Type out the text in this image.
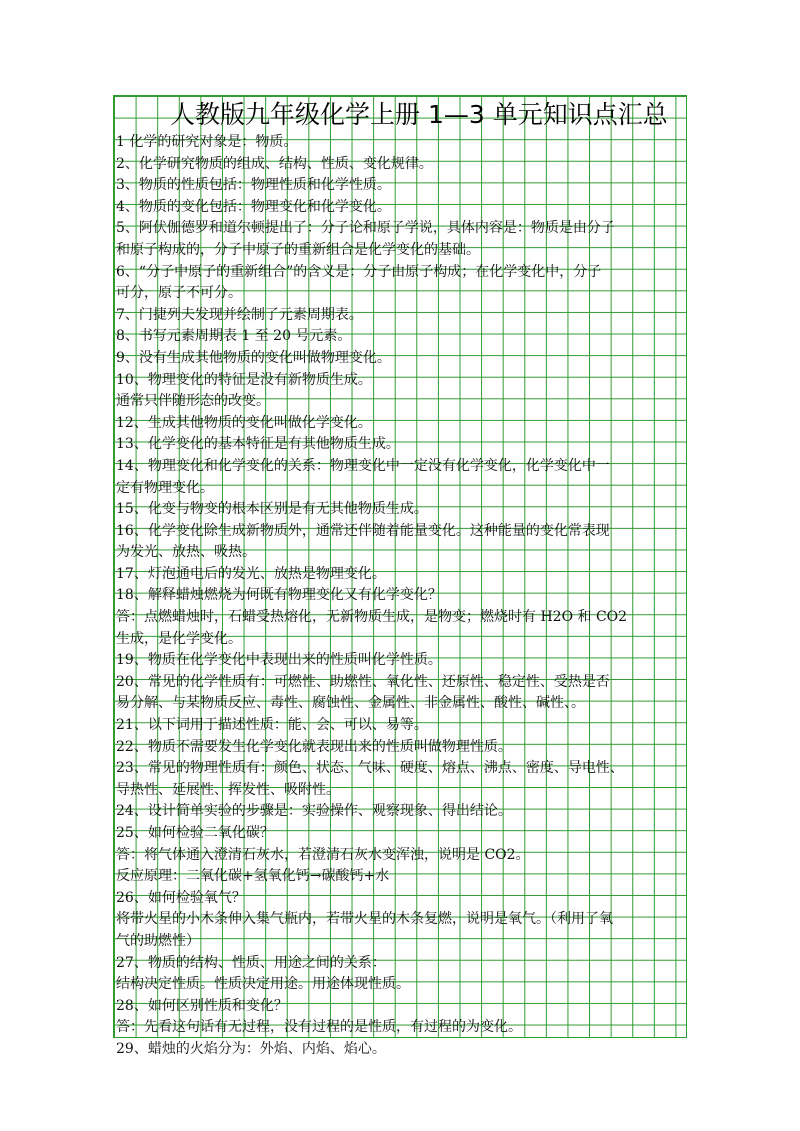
人教版九年级化学上册 1—3 单元知识点汇总
1 化学的研究对象是：物质。
2、化学研究物质的组成、结构、性质、变化规律。
3、物质的性质包括：物理性质和化学性质。
4、物质的变化包括：物理变化和化学变化。
5、阿伏伽德罗和道尔顿提出了：分子论和原子学说，具体内容是：物质是由分子
和原子构成的，分子中原子的重新组合是化学变化的基础。
6、“分子中原子的重新组合”的含义是：分子由原子构成；在化学变化中，分子
可分，原子不可分。
7、门捷列夫发现并绘制了元素周期表。
8、书写元素周期表 1 至 20 号元素。
9、没有生成其他物质的变化叫做物理变化。
10、物理变化的特征是没有新物质生成。
通常只伴随形态的改变。
12、生成其他物质的变化叫做化学变化。
13、化学变化的基本特征是有其他物质生成。
14、物理变化和化学变化的关系：物理变化中一定没有化学变化，化学变化中一
定有物理变化。
15、化变与物变的根本区别是有无其他物质生成。
16、化学变化除生成新物质外，通常还伴随着能量变化。这种能量的变化常表现
为发光、放热、吸热。
17、灯泡通电后的发光、放热是物理变化。
18、解释蜡烛燃烧为何既有物理变化又有化学变化？
答：点燃蜡烛时，石蜡受热熔化，无新物质生成，是物变；燃烧时有 H2O 和 CO2
生成，是化学变化。
19、物质在化学变化中表现出来的性质叫化学性质。
20、常见的化学性质有：可燃性、助燃性、氧化性、还原性、稳定性、受热是否
易分解、与某物质反应、毒性、腐蚀性、金属性、非金属性、酸性、碱性、。
21、以下词用于描述性质：能、会、可以、易等。
22、物质不需要发生化学变化就表现出来的性质叫做物理性质。
23、常见的物理性质有：颜色、状态、气味、硬度、熔点、沸点、密度、导电性、
导热性、延展性、挥发性、吸附性。
24、设计简单实验的步骤是：实验操作、观察现象、得出结论。
25、如何检验二氧化碳？
答：将气体通入澄清石灰水，若澄清石灰水变浑浊，说明是 CO2。
反应原理：二氧化碳+氢氧化钙→碳酸钙+水
26、如何检验氧气？
将带火星的小木条伸入集气瓶内，若带火星的木条复燃，说明是氧气。（利用了氧
气的助燃性）
27、物质的结构、性质、用途之间的关系：
结构决定性质。性质决定用途。用途体现性质。
28、如何区别性质和变化？
答：先看这句话有无过程，没有过程的是性质，有过程的为变化。
29、蜡烛的火焰分为：外焰、内焰、焰心。
